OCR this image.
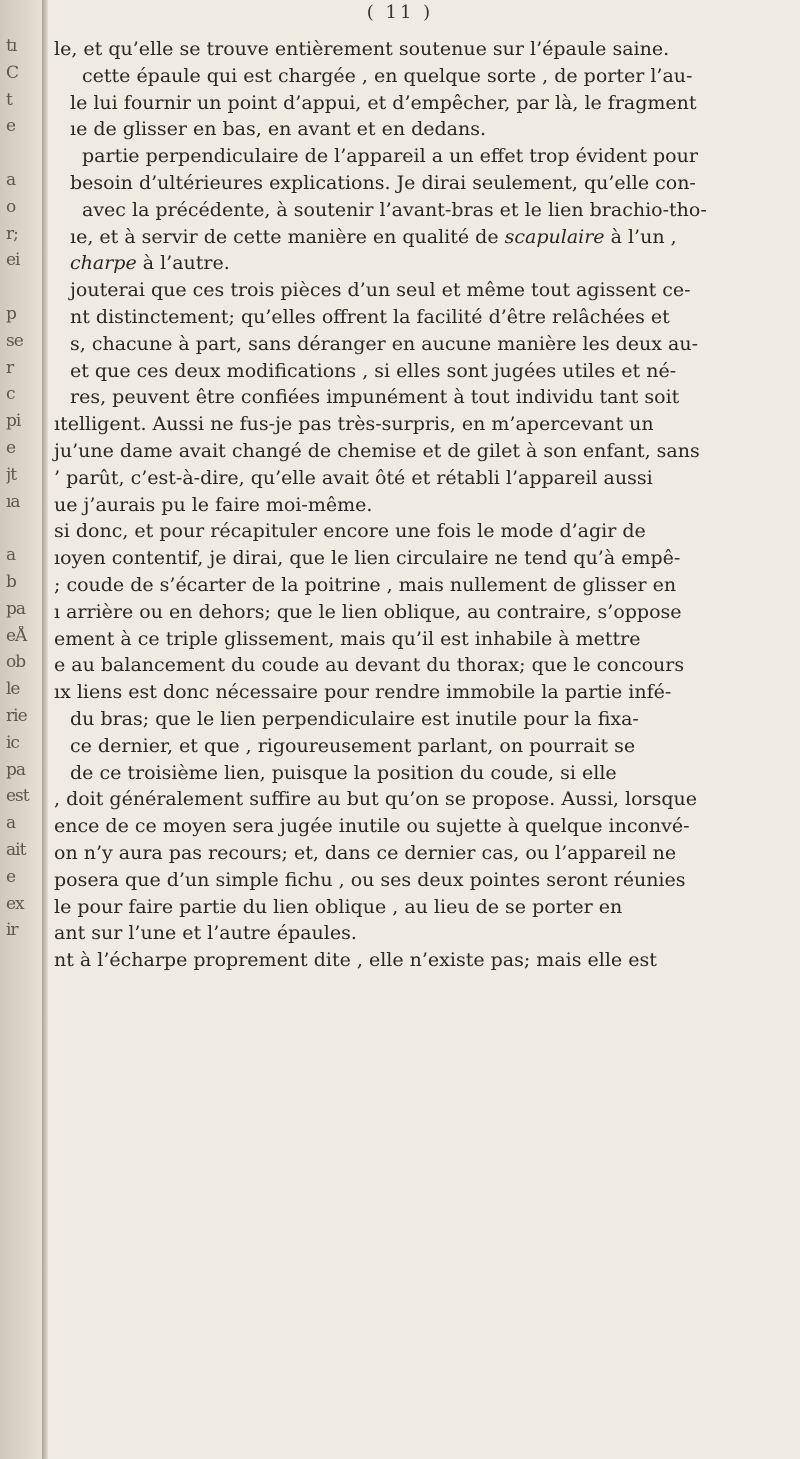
tı
C
t
e
a
o
r;
ei
p
se
r
c
pi
e
jt
ıa
a
b
pa
eÅ
ob
le
rie
ic
pa
est
a
ait
e
ex
ir
( 11 )
le, et qu’elle se trouve entièrement soutenue sur l’épaule saine.
cette épaule qui est chargée , en quelque sorte , de porter l’au-
le lui fournir un point d’appui, et d’empêcher, par là, le fragment
ıe de glisser en bas, en avant et en dedans.
partie perpendiculaire de l’appareil a un effet trop évident pour
besoin d’ultérieures explications. Je dirai seulement, qu’elle con-
avec la précédente, à soutenir l’avant-bras et le lien brachio-tho-
ıe, et à servir de cette manière en qualité de scapulaire à l’un ,
charpe à l’autre.
jouterai que ces trois pièces d’un seul et même tout agissent ce-
nt distinctement; qu’elles offrent la facilité d’être relâchées et
s, chacune à part, sans déranger en aucune manière les deux au-
et que ces deux modifications , si elles sont jugées utiles et né-
res, peuvent être confiées impunément à tout individu tant soit
ıtelligent. Aussi ne fus-je pas très-surpris, en m’apercevant un
ju’une dame avait changé de chemise et de gilet à son enfant, sans
’ parût, c’est-à-dire, qu’elle avait ôté et rétabli l’appareil aussi
ue j’aurais pu le faire moi-même.
si donc, et pour récapituler encore une fois le mode d’agir de
ıoyen contentif, je dirai, que le lien circulaire ne tend qu’à empê-
; coude de s’écarter de la poitrine , mais nullement de glisser en
ı arrière ou en dehors; que le lien oblique, au contraire, s’oppose
ement à ce triple glissement, mais qu’il est inhabile à mettre
e au balancement du coude au devant du thorax; que le concours
ıx liens est donc nécessaire pour rendre immobile la partie infé-
du bras; que le lien perpendiculaire est inutile pour la fixa-
ce dernier, et que , rigoureusement parlant, on pourrait se
de ce troisième lien, puisque la position du coude, si elle
, doit généralement suffire au but qu’on se propose. Aussi, lorsque
ence de ce moyen sera jugée inutile ou sujette à quelque inconvé-
on n’y aura pas recours; et, dans ce dernier cas, ou l’appareil ne
posera que d’un simple fichu , ou ses deux pointes seront réunies
le pour faire partie du lien oblique , au lieu de se porter en
ant sur l’une et l’autre épaules.
nt à l’écharpe proprement dite , elle n’existe pas; mais elle est
